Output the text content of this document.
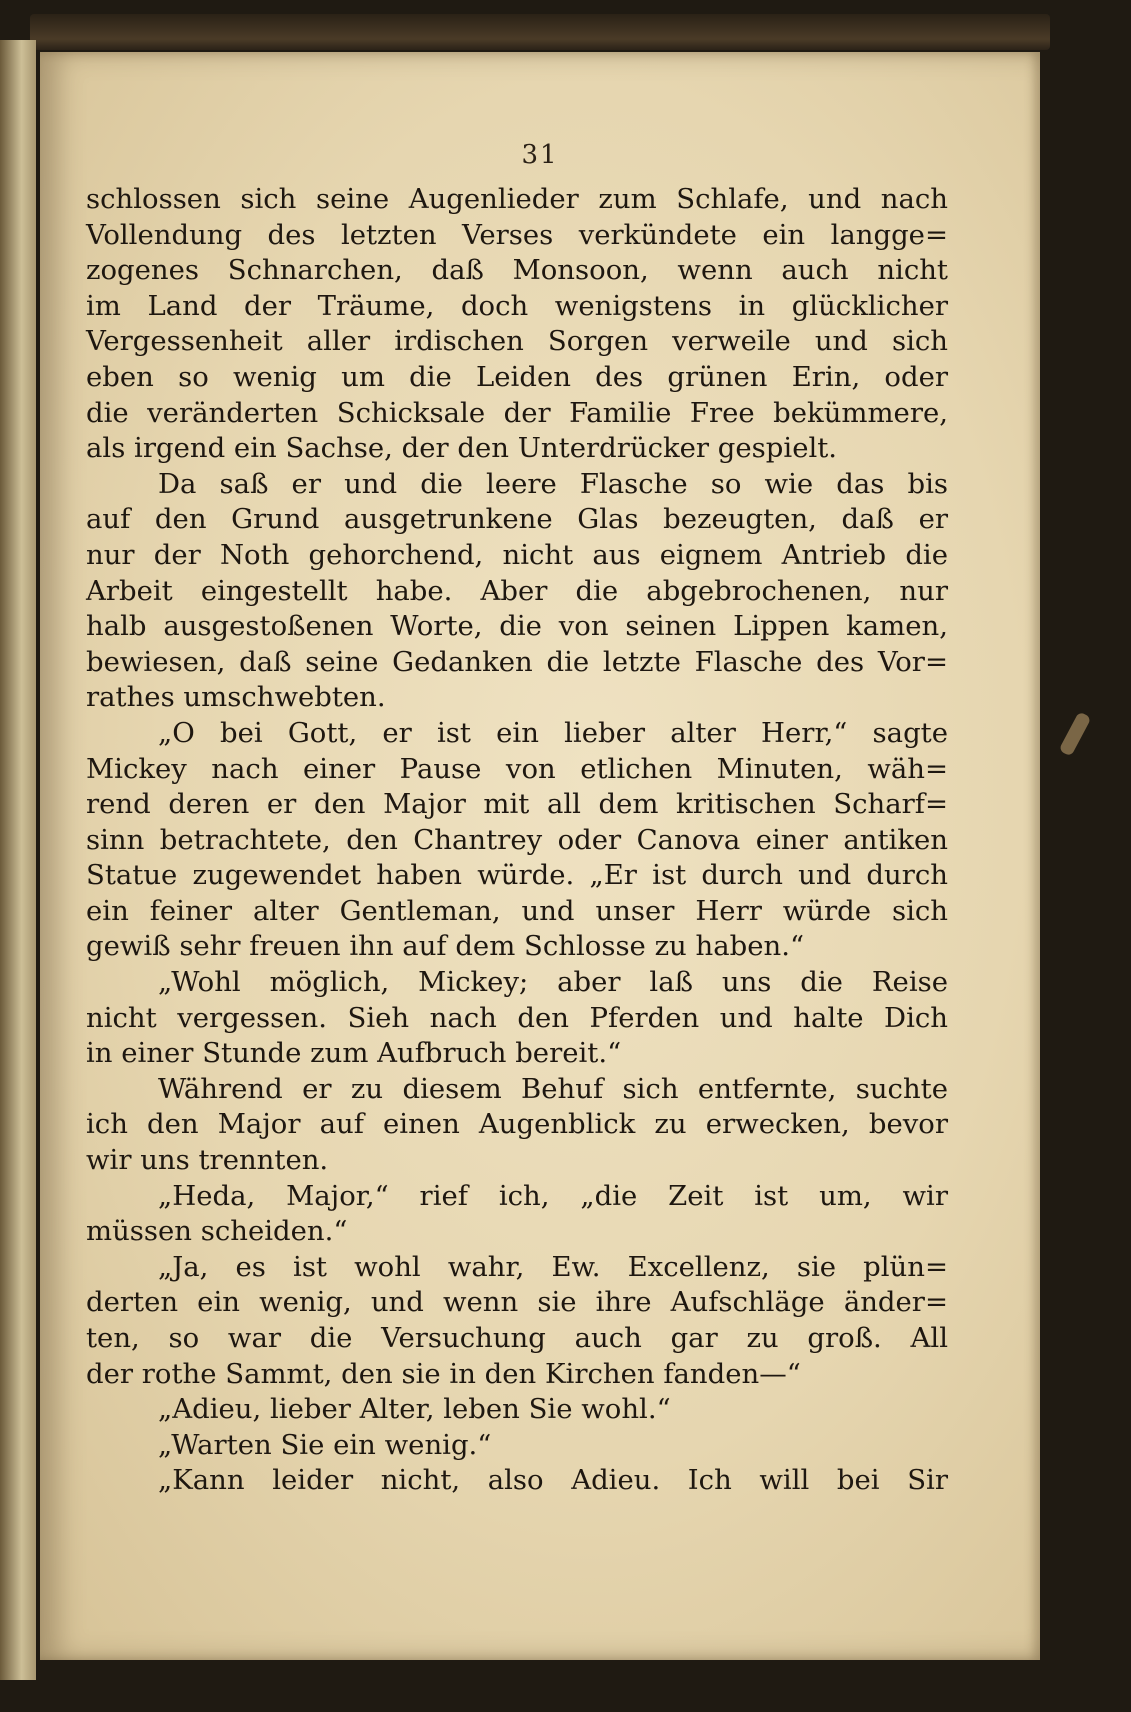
31
schlossen sich seine Augenlieder zum Schlafe, und nach
Vollendung des letzten Verses verkündete ein langge=
zogenes Schnarchen, daß Monsoon, wenn auch nicht
im Land der Träume, doch wenigstens in glücklicher
Vergessenheit aller irdischen Sorgen verweile und sich
eben so wenig um die Leiden des grünen Erin, oder
die veränderten Schicksale der Familie Free bekümmere,
als irgend ein Sachse, der den Unterdrücker gespielt.
Da saß er und die leere Flasche so wie das bis
auf den Grund ausgetrunkene Glas bezeugten, daß er
nur der Noth gehorchend, nicht aus eignem Antrieb die
Arbeit eingestellt habe. Aber die abgebrochenen, nur
halb ausgestoßenen Worte, die von seinen Lippen kamen,
bewiesen, daß seine Gedanken die letzte Flasche des Vor=
rathes umschwebten.
„O bei Gott, er ist ein lieber alter Herr,“ sagte
Mickey nach einer Pause von etlichen Minuten, wäh=
rend deren er den Major mit all dem kritischen Scharf=
sinn betrachtete, den Chantrey oder Canova einer antiken
Statue zugewendet haben würde. „Er ist durch und durch
ein feiner alter Gentleman, und unser Herr würde sich
gewiß sehr freuen ihn auf dem Schlosse zu haben.“
„Wohl möglich, Mickey; aber laß uns die Reise
nicht vergessen. Sieh nach den Pferden und halte Dich
in einer Stunde zum Aufbruch bereit.“
Während er zu diesem Behuf sich entfernte, suchte
ich den Major auf einen Augenblick zu erwecken, bevor
wir uns trennten.
„Heda, Major,“ rief ich, „die Zeit ist um, wir
müssen scheiden.“
„Ja, es ist wohl wahr, Ew. Excellenz, sie plün=
derten ein wenig, und wenn sie ihre Aufschläge änder=
ten, so war die Versuchung auch gar zu groß. All
der rothe Sammt, den sie in den Kirchen fanden—“
„Adieu, lieber Alter, leben Sie wohl.“
„Warten Sie ein wenig.“
„Kann leider nicht, also Adieu. Ich will bei Sir
